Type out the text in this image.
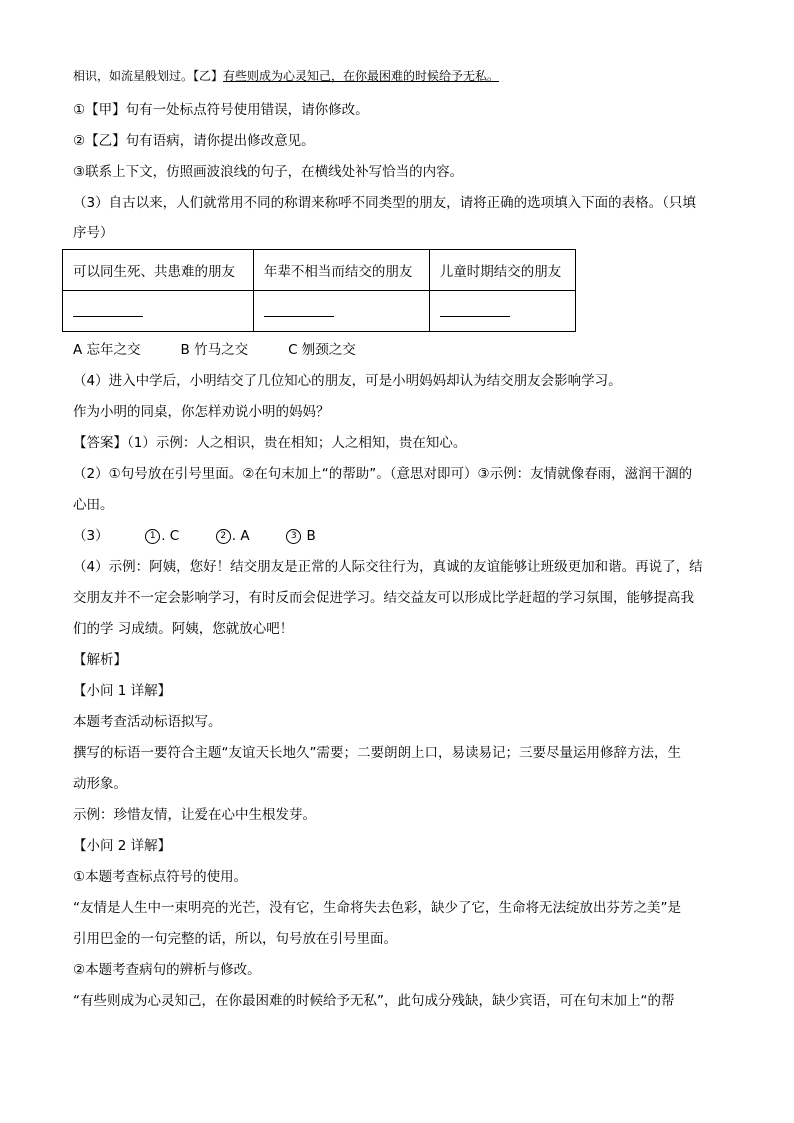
相识，如流星般划过。【乙】有些则成为心灵知己，在你最困难的时候给予无私。
①【甲】句有一处标点符号使用错误，请你修改。
②【乙】句有语病，请你提出修改意见。
③联系上下文，仿照画波浪线的句子，在横线处补写恰当的内容。
（3）自古以来，人们就常用不同的称谓来称呼不同类型的朋友，请将正确的选项填入下面的表格。（只填
序号）
可以同生死、共患难的朋友	年辈不相当而结交的朋友	儿童时期结交的朋友

A 忘年之交	B 竹马之交	C 刎颈之交
（4）进入中学后，小明结交了几位知心的朋友，可是小明妈妈却认为结交朋友会影响学习。
作为小明的同桌，你怎样劝说小明的妈妈？
【答案】（1）示例：人之相识，贵在相知；人之相知，贵在知心。
（2）①句号放在引号里面。②在句末加上“的帮助”。（意思对即可）③示例：友情就像春雨，滋润干涸的
心田。
（3）	1 . C	2 . A	3 B
（4）示例：阿姨，您好！结交朋友是正常的人际交往行为，真诚的友谊能够让班级更加和谐。再说了，结
交朋友并不一定会影响学习，有时反而会促进学习。结交益友可以形成比学赶超的学习氛围，能够提高我
们的学 习成绩。阿姨，您就放心吧！
【解析】
【小问 1 详解】
本题考查活动标语拟写。
撰写的标语一要符合主题“友谊天长地久”需要；二要朗朗上口，易读易记；三要尽量运用修辞方法，生
动形象。
示例：珍惜友情，让爱在心中生根发芽。
【小问 2 详解】
①本题考查标点符号的使用。
“友情是人生中一束明亮的光芒，没有它，生命将失去色彩，缺少了它，生命将无法绽放出芬芳之美”是
引用巴金的一句完整的话，所以，句号放在引号里面。
②本题考查病句的辨析与修改。
“有些则成为心灵知己，在你最困难的时候给予无私”，此句成分残缺，缺少宾语，可在句末加上“的帮
